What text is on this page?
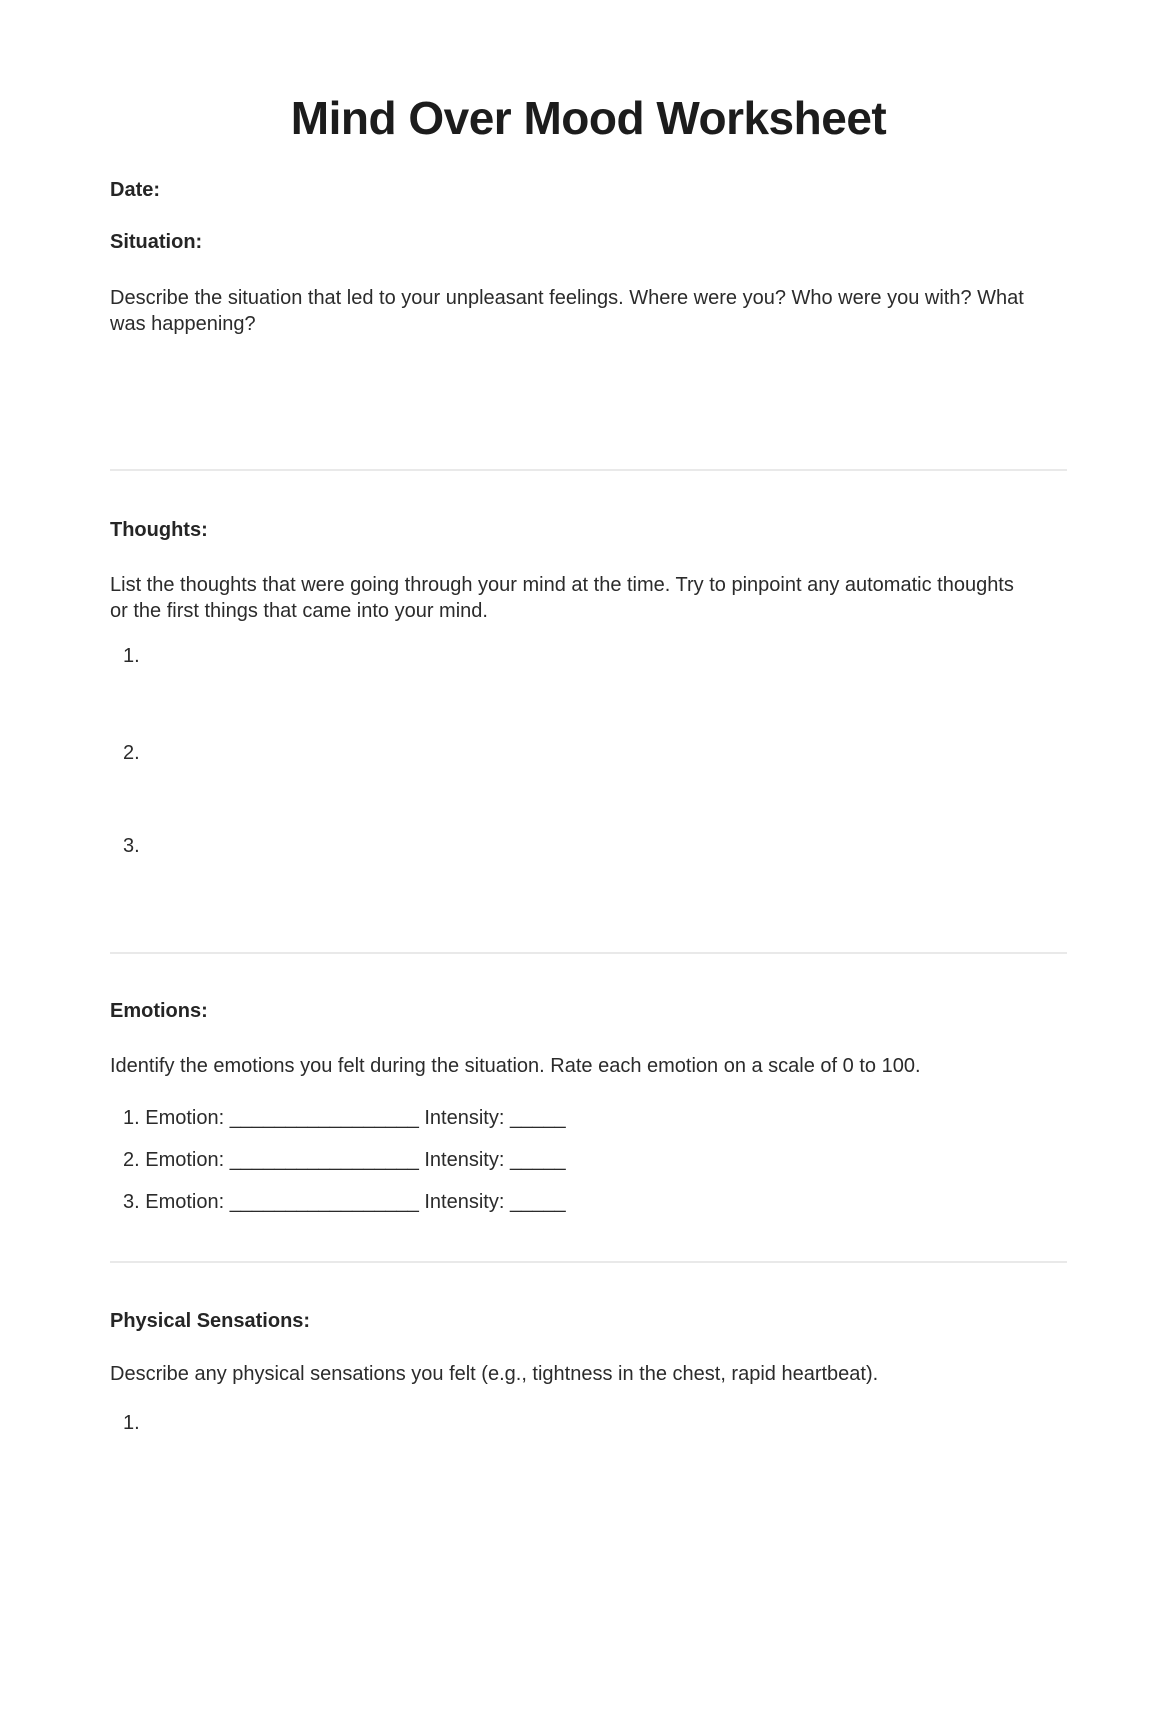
Mind Over Mood Worksheet
Date:
Situation:

Describe the situation that led to your unpleasant feelings. Where were you? Who were you with? What was happening?

Thoughts:

List the thoughts that were going through your mind at the time. Try to pinpoint any automatic thoughts or the first things that came into your mind.

1.
2.
3.
Emotions:

Identify the emotions you felt during the situation. Rate each emotion on a scale of 0 to 100.

1. Emotion: _________________ Intensity: _____
2. Emotion: _________________ Intensity: _____
3. Emotion: _________________ Intensity: _____
Physical Sensations:

Describe any physical sensations you felt (e.g., tightness in the chest, rapid heartbeat).

1.
